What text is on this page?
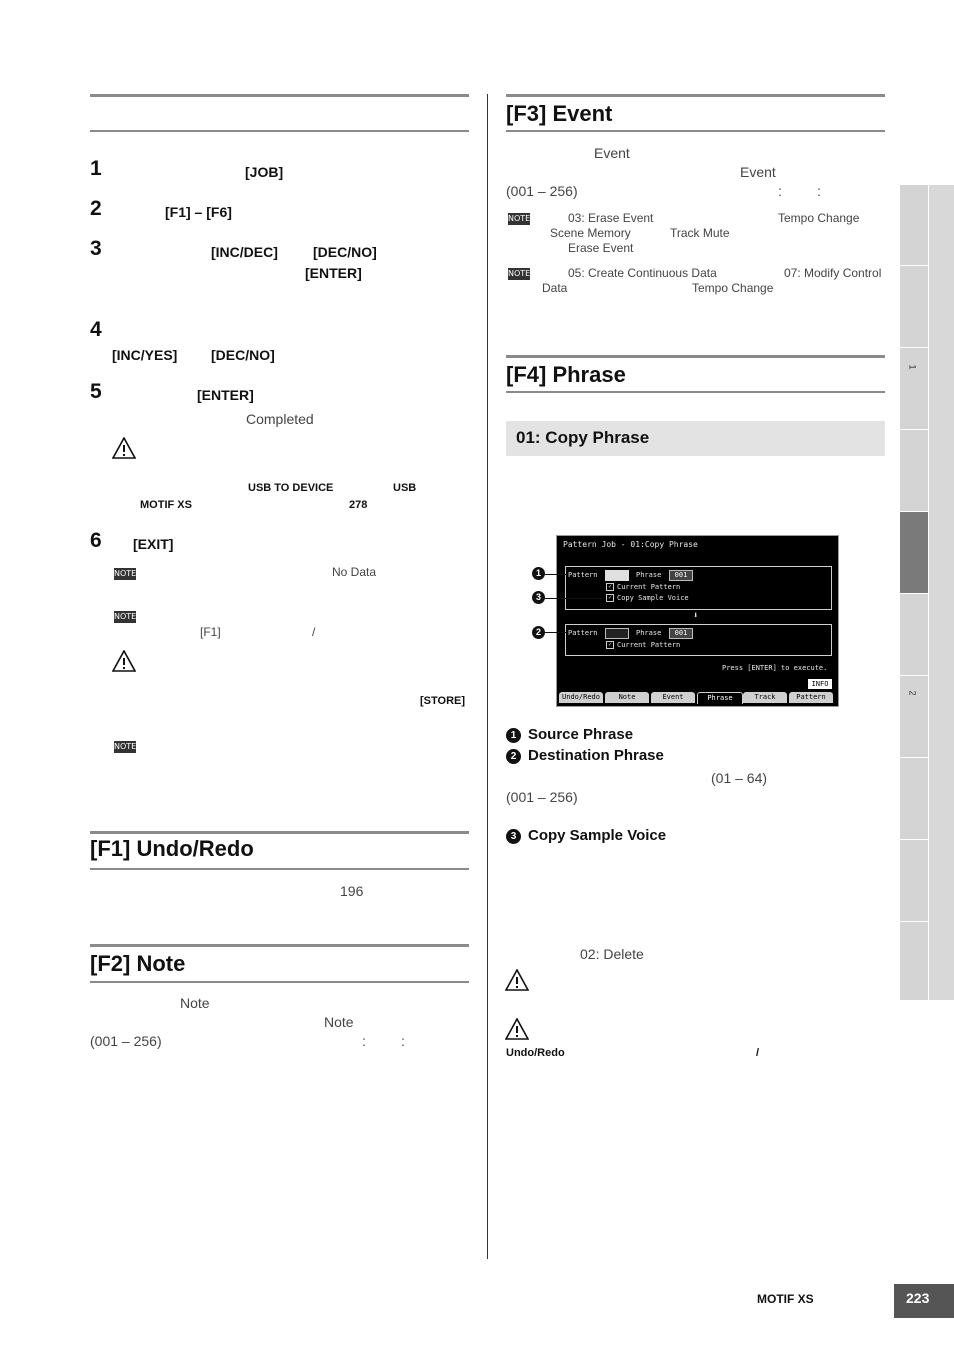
1	[JOB]
2	[F1] – [F6]
3	[INC/DEC]	[DEC/NO]
[ENTER]
4
[INC/YES] [DEC/NO]
5	[ENTER]
Completed
USB TO DEVICE	USB
MOTIF XS	278
6 [EXIT]
NOTE	No Data
NOTE
[F1]	/
[STORE]
NOTE
[F1] Undo/Redo
196
[F2] Note
Note
Note
(001 – 256)	:	:
[F3] Event
Event
Event
(001 – 256)	:	:
NOTE	03: Erase Event	Tempo Change
Scene Memory	Track Mute
Erase Event
NOTE	05: Create Continuous Data	07: Modify Control
Data	Tempo Change
[F4] Phrase
01: Copy Phrase
Pattern Job - 01:Copy Phrase
Pattern	Phrase	001
✓ Current Pattern
✓ Copy Sample Voice
⬇
Pattern	Phrase	001
✓ Current Pattern
Press [ENTER] to execute.
INFO
Undo/Redo	Note	Event	Phrase	Track	Pattern
1
3
2
1 Source Phrase
2 Destination Phrase
(01 – 64)
(001 – 256)
3 Copy Sample Voice
02: Delete
Undo/Redo	/
1
2
MOTIF XS	223
